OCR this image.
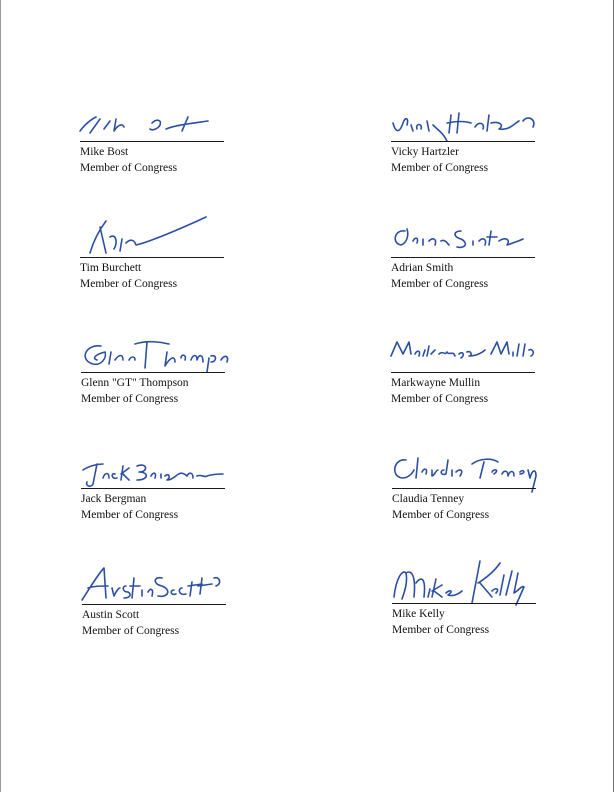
Mike Bost
Member of Congress
Vicky Hartzler
Member of Congress
Tim Burchett
Member of Congress
Adrian Smith
Member of Congress
Glenn "GT" Thompson
Member of Congress
Markwayne Mullin
Member of Congress
Jack Bergman
Member of Congress
Claudia Tenney
Member of Congress
Austin Scott
Member of Congress
Mike Kelly
Member of Congress
